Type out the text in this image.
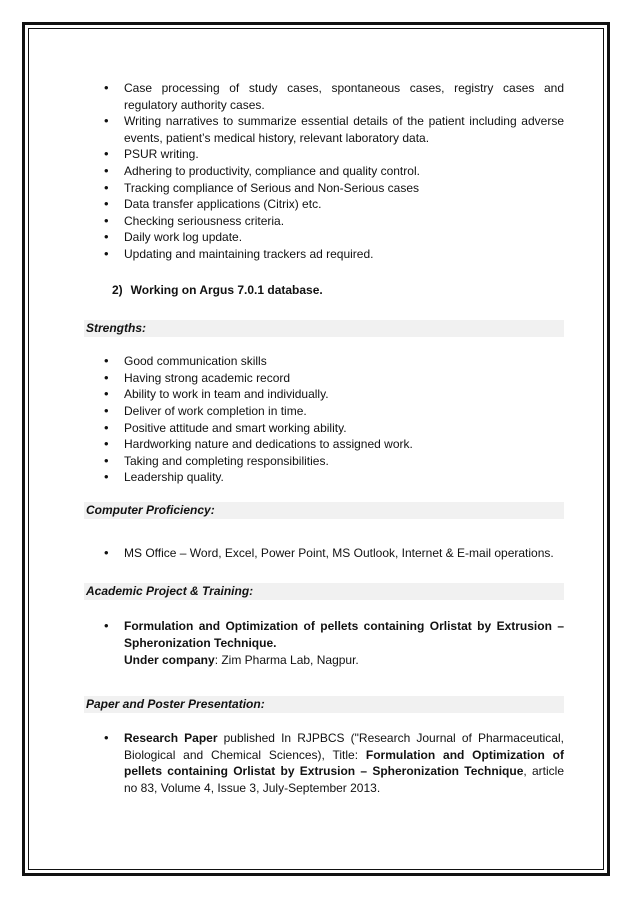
• Case processing of study cases, spontaneous cases, registry cases and regulatory authority cases.
• Writing narratives to summarize essential details of the patient including adverse events, patient’s medical history, relevant laboratory data.
• PSUR writing.
• Adhering to productivity, compliance and quality control.
• Tracking compliance of Serious and Non-Serious cases
• Data transfer applications (Citrix) etc.
• Checking seriousness criteria.
• Daily work log update.
• Updating and maintaining trackers ad required.
2) Working on Argus 7.0.1 database.
Strengths:
• Good communication skills
• Having strong academic record
• Ability to work in team and individually.
• Deliver of work completion in time.
• Positive attitude and smart working ability.
• Hardworking nature and dedications to assigned work.
• Taking and completing responsibilities.
• Leadership quality.
Computer Proficiency:
• MS Office – Word, Excel, Power Point, MS Outlook, Internet & E-mail operations.
Academic Project & Training:
• Formulation and Optimization of pellets containing Orlistat by Extrusion – Spheronization Technique.
Under company: Zim Pharma Lab, Nagpur.
Paper and Poster Presentation:
• Research Paper published In RJPBCS ("Research Journal of Pharmaceutical, Biological and Chemical Sciences), Title: Formulation and Optimization of pellets containing Orlistat by Extrusion – Spheronization Technique, article no 83, Volume 4, Issue 3, July-September 2013.
